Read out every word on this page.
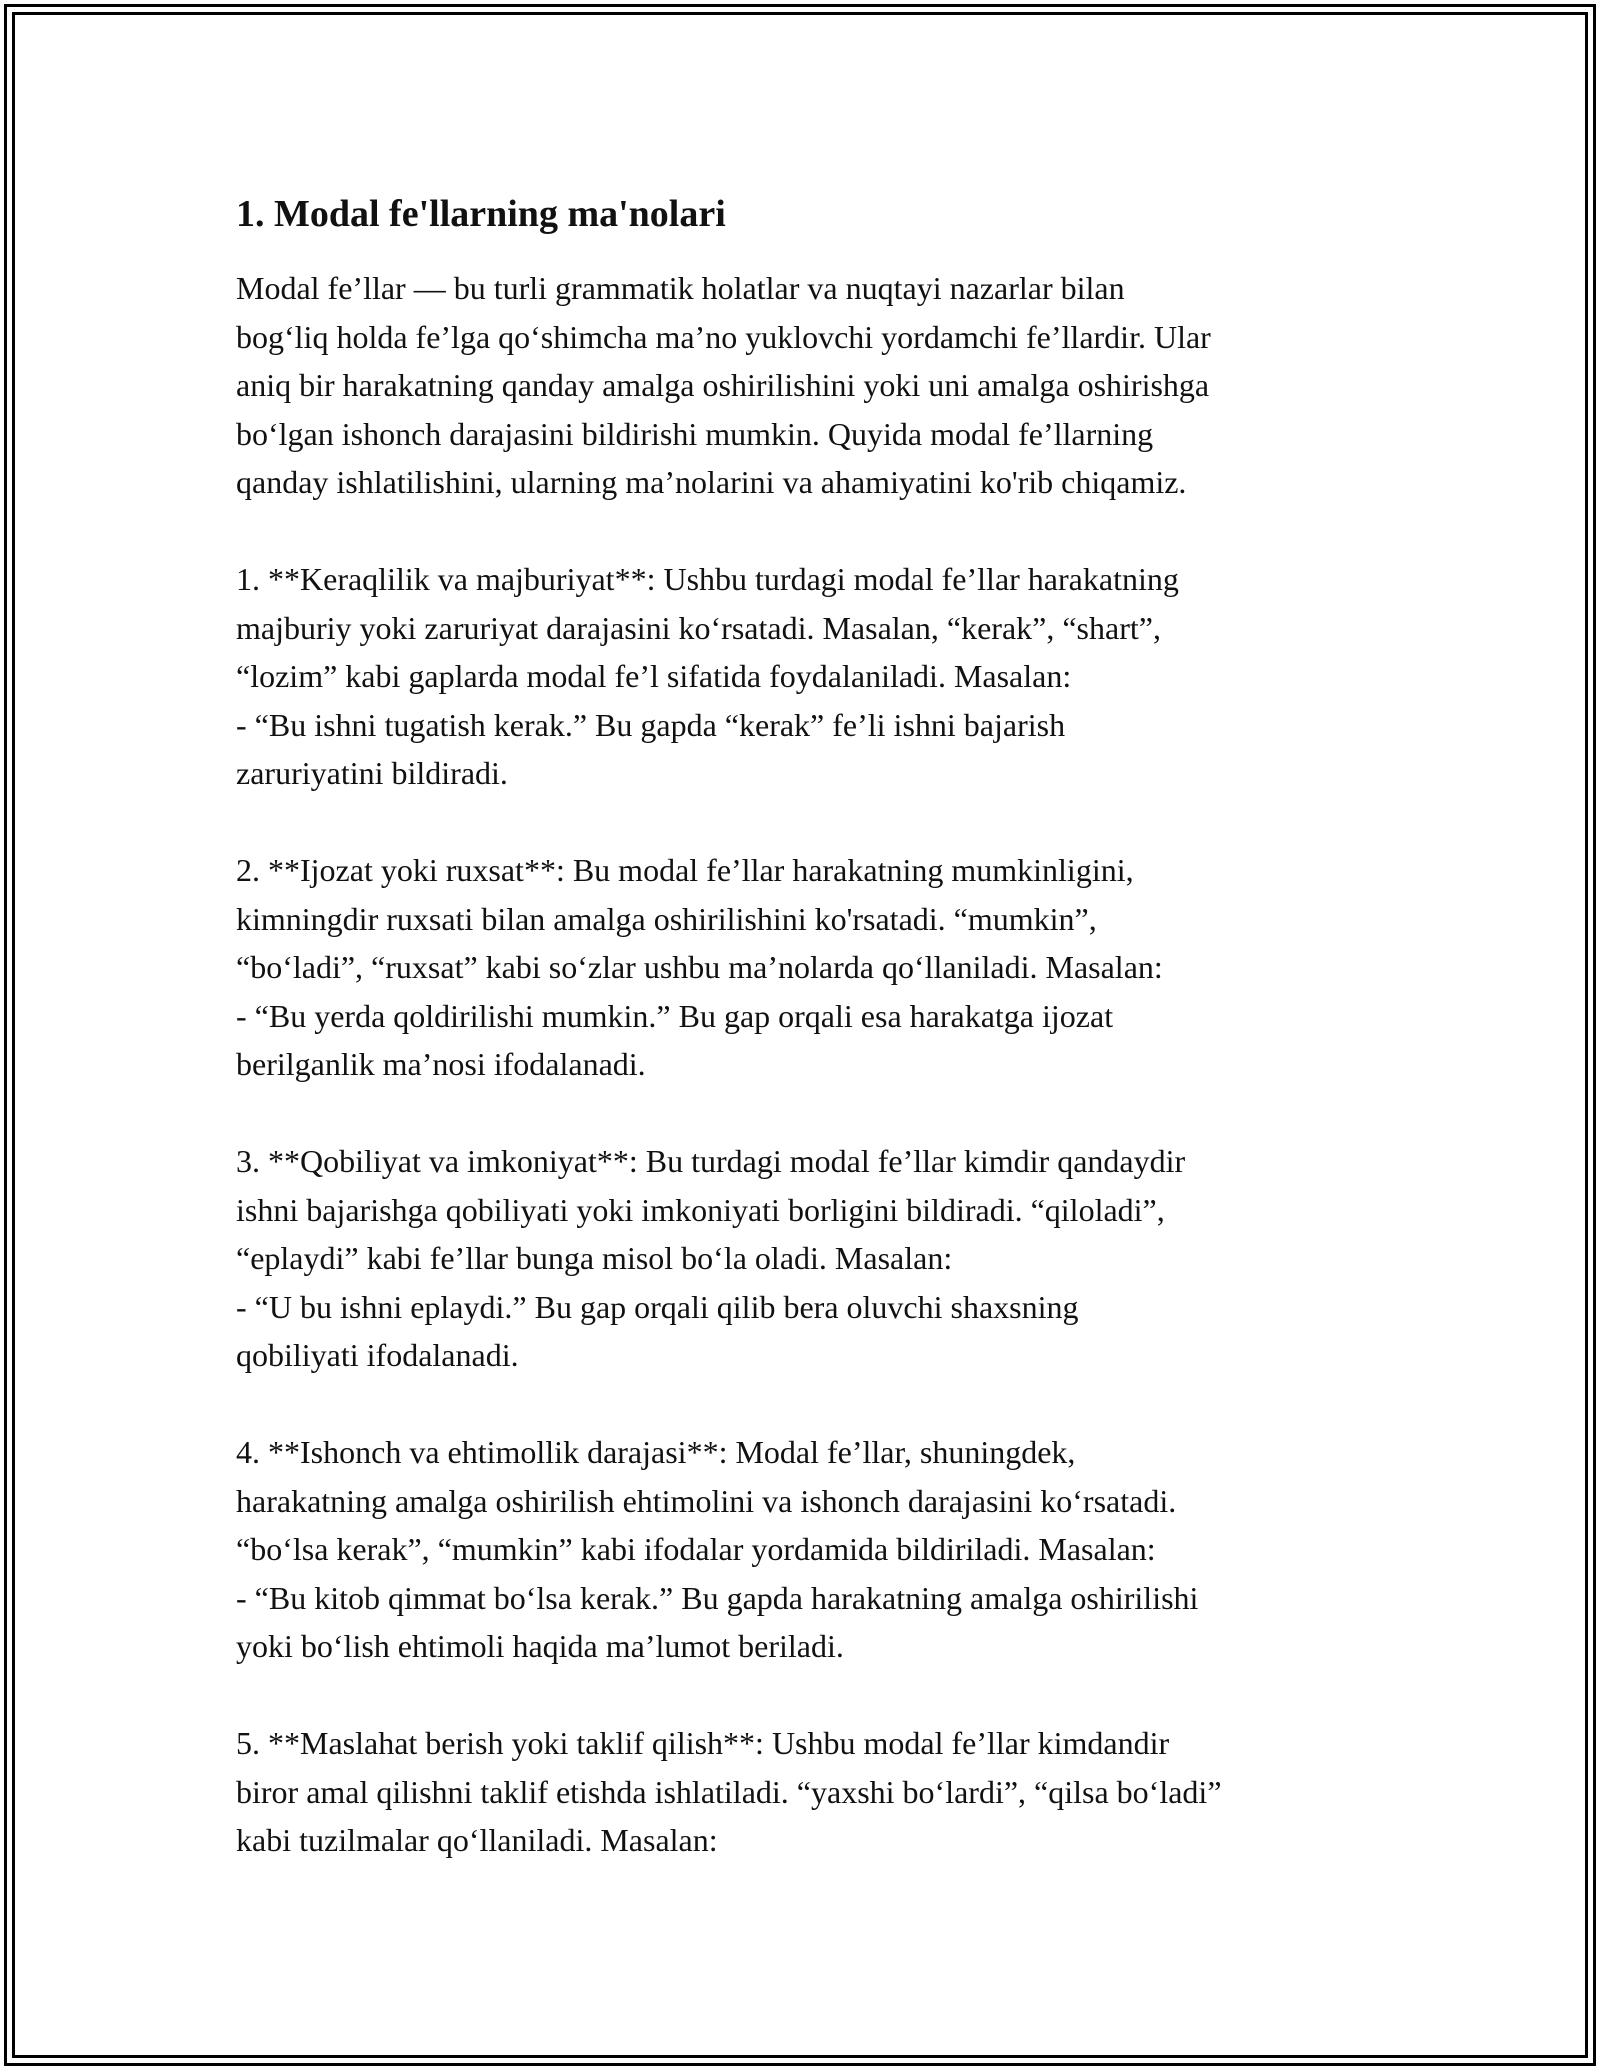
1. Modal fe'llarning ma'nolari

Modal fe’llar — bu turli grammatik holatlar va nuqtayi nazarlar bilan
bog‘liq holda fe’lga qo‘shimcha ma’no yuklovchi yordamchi fe’llardir. Ular
aniq bir harakatning qanday amalga oshirilishini yoki uni amalga oshirishga
bo‘lgan ishonch darajasini bildirishi mumkin. Quyida modal fe’llarning
qanday ishlatilishini, ularning ma’nolarini va ahamiyatini ko'rib chiqamiz.

1. **Keraqlilik va majburiyat**: Ushbu turdagi modal fe’llar harakatning
majburiy yoki zaruriyat darajasini ko‘rsatadi. Masalan, “kerak”, “shart”,
“lozim” kabi gaplarda modal fe’l sifatida foydalaniladi. Masalan:
- “Bu ishni tugatish kerak.” Bu gapda “kerak” fe’li ishni bajarish
zaruriyatini bildiradi.

2. **Ijozat yoki ruxsat**: Bu modal fe’llar harakatning mumkinligini,
kimningdir ruxsati bilan amalga oshirilishini ko'rsatadi. “mumkin”,
“bo‘ladi”, “ruxsat” kabi so‘zlar ushbu ma’nolarda qo‘llaniladi. Masalan:
- “Bu yerda qoldirilishi mumkin.” Bu gap orqali esa harakatga ijozat
berilganlik ma’nosi ifodalanadi.

3. **Qobiliyat va imkoniyat**: Bu turdagi modal fe’llar kimdir qandaydir
ishni bajarishga qobiliyati yoki imkoniyati borligini bildiradi. “qiloladi”,
“eplaydi” kabi fe’llar bunga misol bo‘la oladi. Masalan:
- “U bu ishni eplaydi.” Bu gap orqali qilib bera oluvchi shaxsning
qobiliyati ifodalanadi.

4. **Ishonch va ehtimollik darajasi**: Modal fe’llar, shuningdek,
harakatning amalga oshirilish ehtimolini va ishonch darajasini ko‘rsatadi.
“bo‘lsa kerak”, “mumkin” kabi ifodalar yordamida bildiriladi. Masalan:
- “Bu kitob qimmat bo‘lsa kerak.” Bu gapda harakatning amalga oshirilishi
yoki bo‘lish ehtimoli haqida ma’lumot beriladi.

5. **Maslahat berish yoki taklif qilish**: Ushbu modal fe’llar kimdandir
biror amal qilishni taklif etishda ishlatiladi. “yaxshi bo‘lardi”, “qilsa bo‘ladi”
kabi tuzilmalar qo‘llaniladi. Masalan:
